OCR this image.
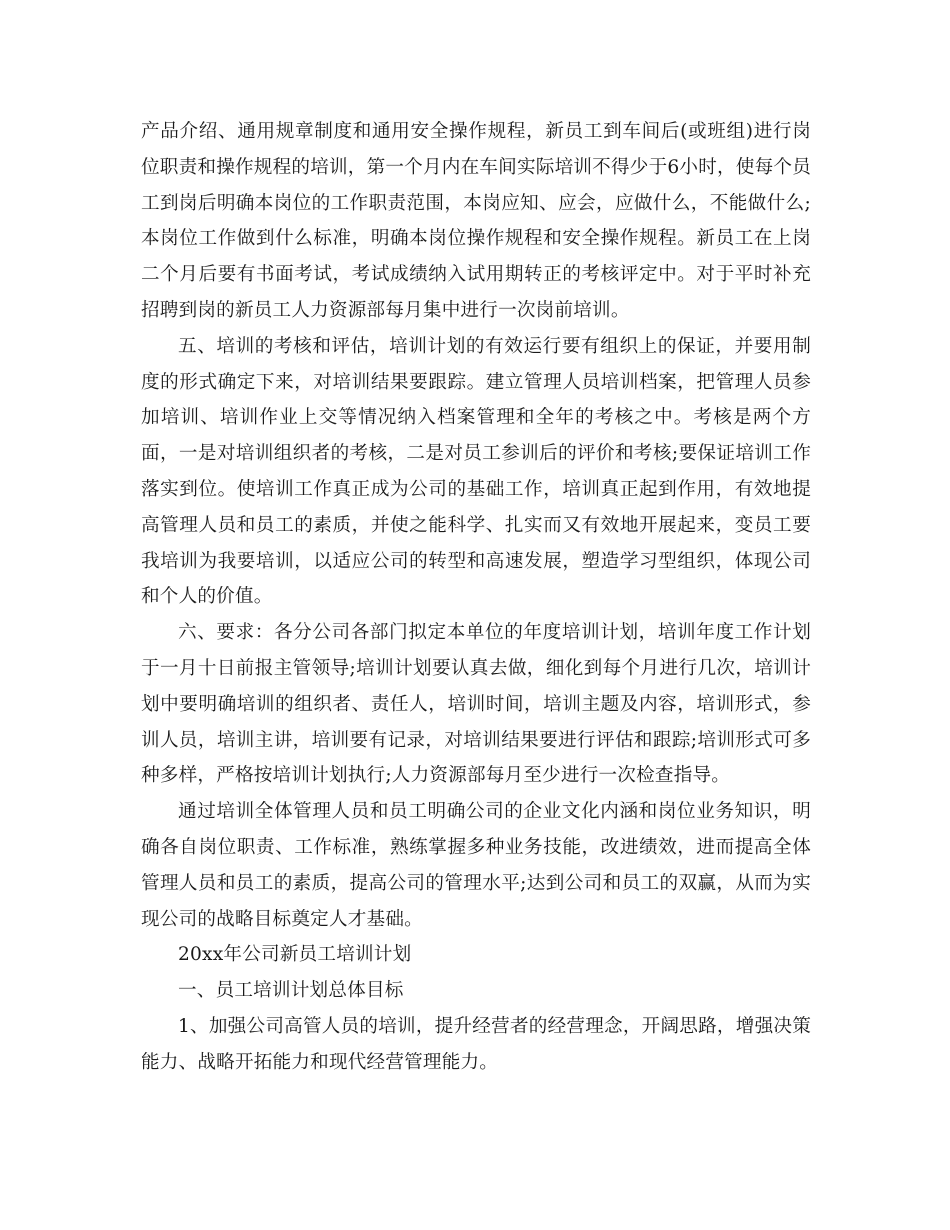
产品介绍、通用规章制度和通用安全操作规程，新员工到车间后(或班组)进行岗位职责和操作规程的培训，第一个月内在车间实际培训不得少于6小时，使每个员工到岗后明确本岗位的工作职责范围，本岗应知、应会，应做什么，不能做什么;本岗位工作做到什么标准，明确本岗位操作规程和安全操作规程。新员工在上岗二个月后要有书面考试，考试成绩纳入试用期转正的考核评定中。对于平时补充招聘到岗的新员工人力资源部每月集中进行一次岗前培训。

五、培训的考核和评估，培训计划的有效运行要有组织上的保证，并要用制度的形式确定下来，对培训结果要跟踪。建立管理人员培训档案，把管理人员参加培训、培训作业上交等情况纳入档案管理和全年的考核之中。考核是两个方面，一是对培训组织者的考核，二是对员工参训后的评价和考核;要保证培训工作落实到位。使培训工作真正成为公司的基础工作，培训真正起到作用，有效地提高管理人员和员工的素质，并使之能科学、扎实而又有效地开展起来，变员工要我培训为我要培训，以适应公司的转型和高速发展，塑造学习型组织，体现公司和个人的价值。

六、要求：各分公司各部门拟定本单位的年度培训计划，培训年度工作计划于一月十日前报主管领导;培训计划要认真去做，细化到每个月进行几次，培训计划中要明确培训的组织者、责任人，培训时间，培训主题及内容，培训形式，参训人员，培训主讲，培训要有记录，对培训结果要进行评估和跟踪;培训形式可多种多样，严格按培训计划执行;人力资源部每月至少进行一次检查指导。

通过培训全体管理人员和员工明确公司的企业文化内涵和岗位业务知识，明确各自岗位职责、工作标准，熟练掌握多种业务技能，改进绩效，进而提高全体管理人员和员工的素质，提高公司的管理水平;达到公司和员工的双赢，从而为实现公司的战略目标奠定人才基础。

20xx年公司新员工培训计划

一、员工培训计划总体目标

1、加强公司高管人员的培训，提升经营者的经营理念，开阔思路，增强决策能力、战略开拓能力和现代经营管理能力。
